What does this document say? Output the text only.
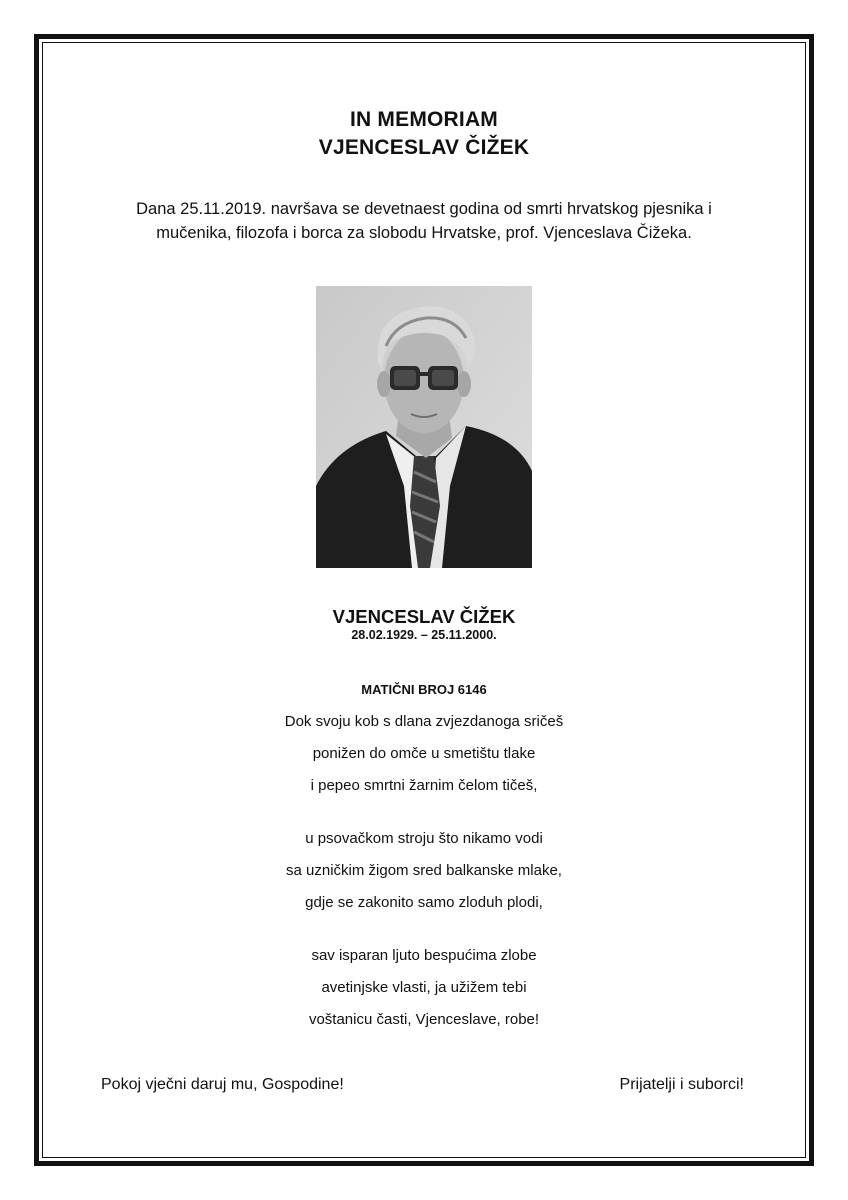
IN MEMORIAM
VJENCESLAV ČIŽEK
Dana 25.11.2019. navršava se devetnaest godina od smrti hrvatskog pjesnika i
mučenika, filozofa i borca za slobodu Hrvatske, prof. Vjenceslava Čižeka.
VJENCESLAV ČIŽEK
28.02.1929. – 25.11.2000.
MATIČNI BROJ 6146
Dok svoju kob s dlana zvjezdanoga sričeš
ponižen do omče u smetištu tlake
i pepeo smrtni žarnim čelom tičeš,
u psovačkom stroju što nikamo vodi
sa uzničkim žigom sred balkanske mlake,
gdje se zakonito samo zloduh plodi,
sav isparan ljuto bespućima zlobe
avetinjske vlasti, ja užižem tebi
voštanicu časti, Vjenceslave, robe!
Pokoj vječni daruj mu, Gospodine!	Prijatelji i suborci!
